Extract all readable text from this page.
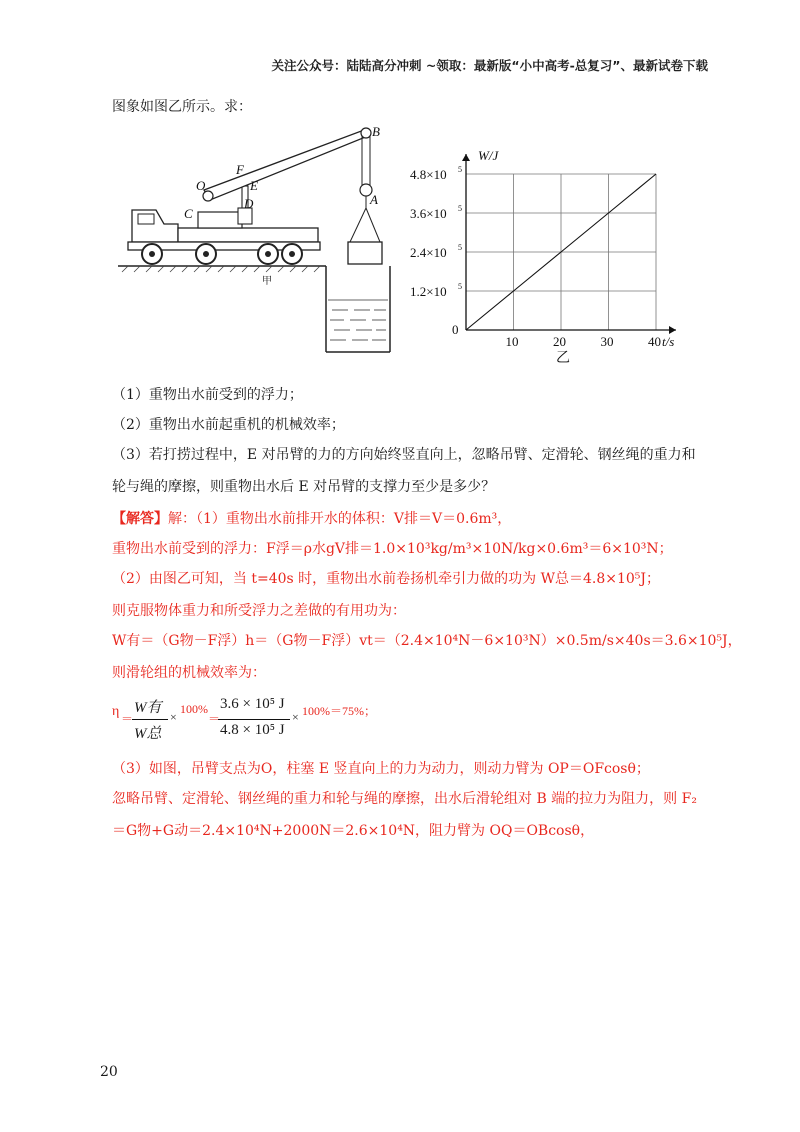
关注公众号：陆陆高分冲刺 ~领取：最新版“小中高考-总复习”、最新试卷下载
图象如图乙所示。求：
B
F
O	E
C
D	A
甲
10	20	30	40
4.8×10 5
3.6×10 5
2.4×10 5
1.2×10 5
W/J
t/s
0
乙
（1）重物出水前受到的浮力；
（2）重物出水前起重机的机械效率；
（3）若打捞过程中，E 对吊臂的力的方向始终竖直向上，忽略吊臂、定滑轮、钢丝绳的重力和
轮与绳的摩擦，则重物出水后 E 对吊臂的支撑力至少是多少？
【解答】解：（1）重物出水前排开水的体积：V排＝V＝0.6m³，
重物出水前受到的浮力：F浮＝ρ水gV排＝1.0×10³kg/m³×10N/kg×0.6m³＝6×10³N；
（2）由图乙可知，当 t=40s 时，重物出水前卷扬机牵引力做的功为 W总＝4.8×10⁵J；
则克服物体重力和所受浮力之差做的有用功为：
W有＝（G物－F浮）h＝（G物－F浮）vt＝（2.4×10⁴N－6×10³N）×0.5m/s×40s＝3.6×10⁵J，
则滑轮组的机械效率为：
η ＝
W有
W总
×
100%
＝
3.6 × 10⁵ J
4.8 × 10⁵ J
× 100%＝75%；
（3）如图，吊臂支点为O，柱塞 E 竖直向上的力为动力，则动力臂为 OP＝OFcosθ；
忽略吊臂、定滑轮、钢丝绳的重力和轮与绳的摩擦，出水后滑轮组对 B 端的拉力为阻力，则 F₂
＝G物+G动＝2.4×10⁴N+2000N＝2.6×10⁴N，阻力臂为 OQ＝OBcosθ，
20
